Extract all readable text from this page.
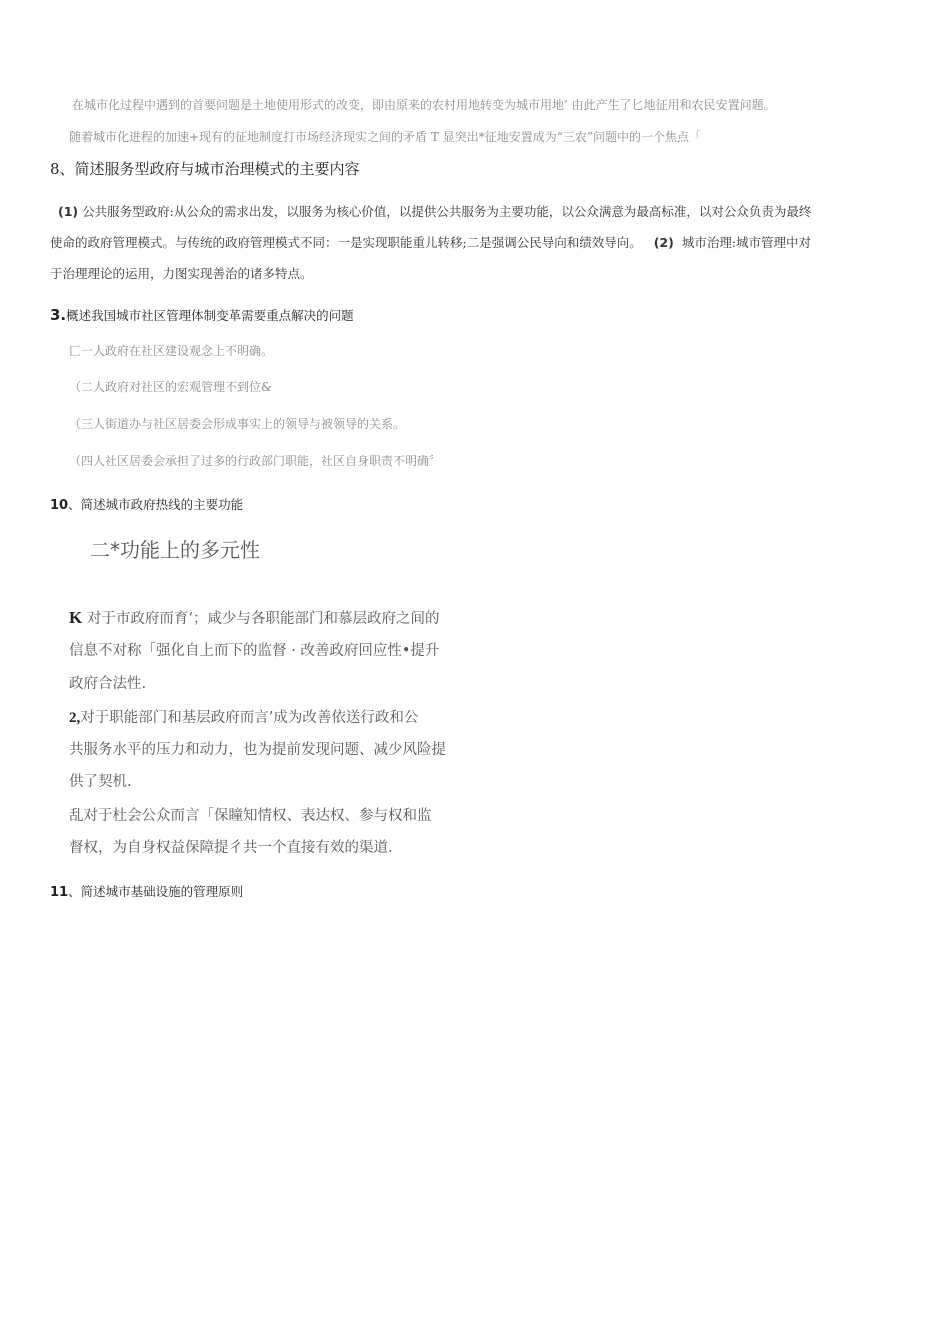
在城市化过程中遇到的首要问题是土地使用形式的改变，即由原来的农村用地转变为城市用地’ 由此产生了匕地征用和农民安置问题。
随着城市化进程的加速+现有的征地制度打市场经济现实之间的矛盾 T 显突出*征地安置成为“三农”问题中的一个焦点「
8、简述服务型政府与城市治理模式的主要内容
(1) 公共服务型政府:从公众的需求出发，以服务为核心价值，以提供公共服务为主要功能，以公众满意为最高标准，以对公众负责为最终
使命的政府管理模式。与传统的政府管理模式不同：一是实现职能重儿转移;二是强调公民导向和绩效导向。 (2) 城市治理:城市管理中对
于治理理论的运用，力图实现善治的诸多特点。
3.概述我国城市社区管理体制变革需要重点解决的问题
匚一人政府在社区建设观念上不明确。
（二人政府对社区的宏观管理不到位&
（三人街道办与社区居委会形成事实上的领导与被领导的关系。
（四人社区居委会承担了过多的行政部门职能，社区自身职责不明确〞
10、简述城市政府热线的主要功能
二*功能上的多元性
K 对于市政府而育‘；咸少与各职能部门和慕层政府之间的
信息不对称「强化自上而下的监督 · 改善政府回应性•提升
政府合法性.
2,对于职能部门和基层政府而言’成为改善依送行政和公
共服务水平的压力和动力，也为提前发现问题、减少风险提
供了契机.
乱对于杜会公众而言「保瞳知情权、表达权、参与权和监
督权，为自身权益保障提彳共一个直接有效的渠道.
11、简述城市基础设施的管理原则
